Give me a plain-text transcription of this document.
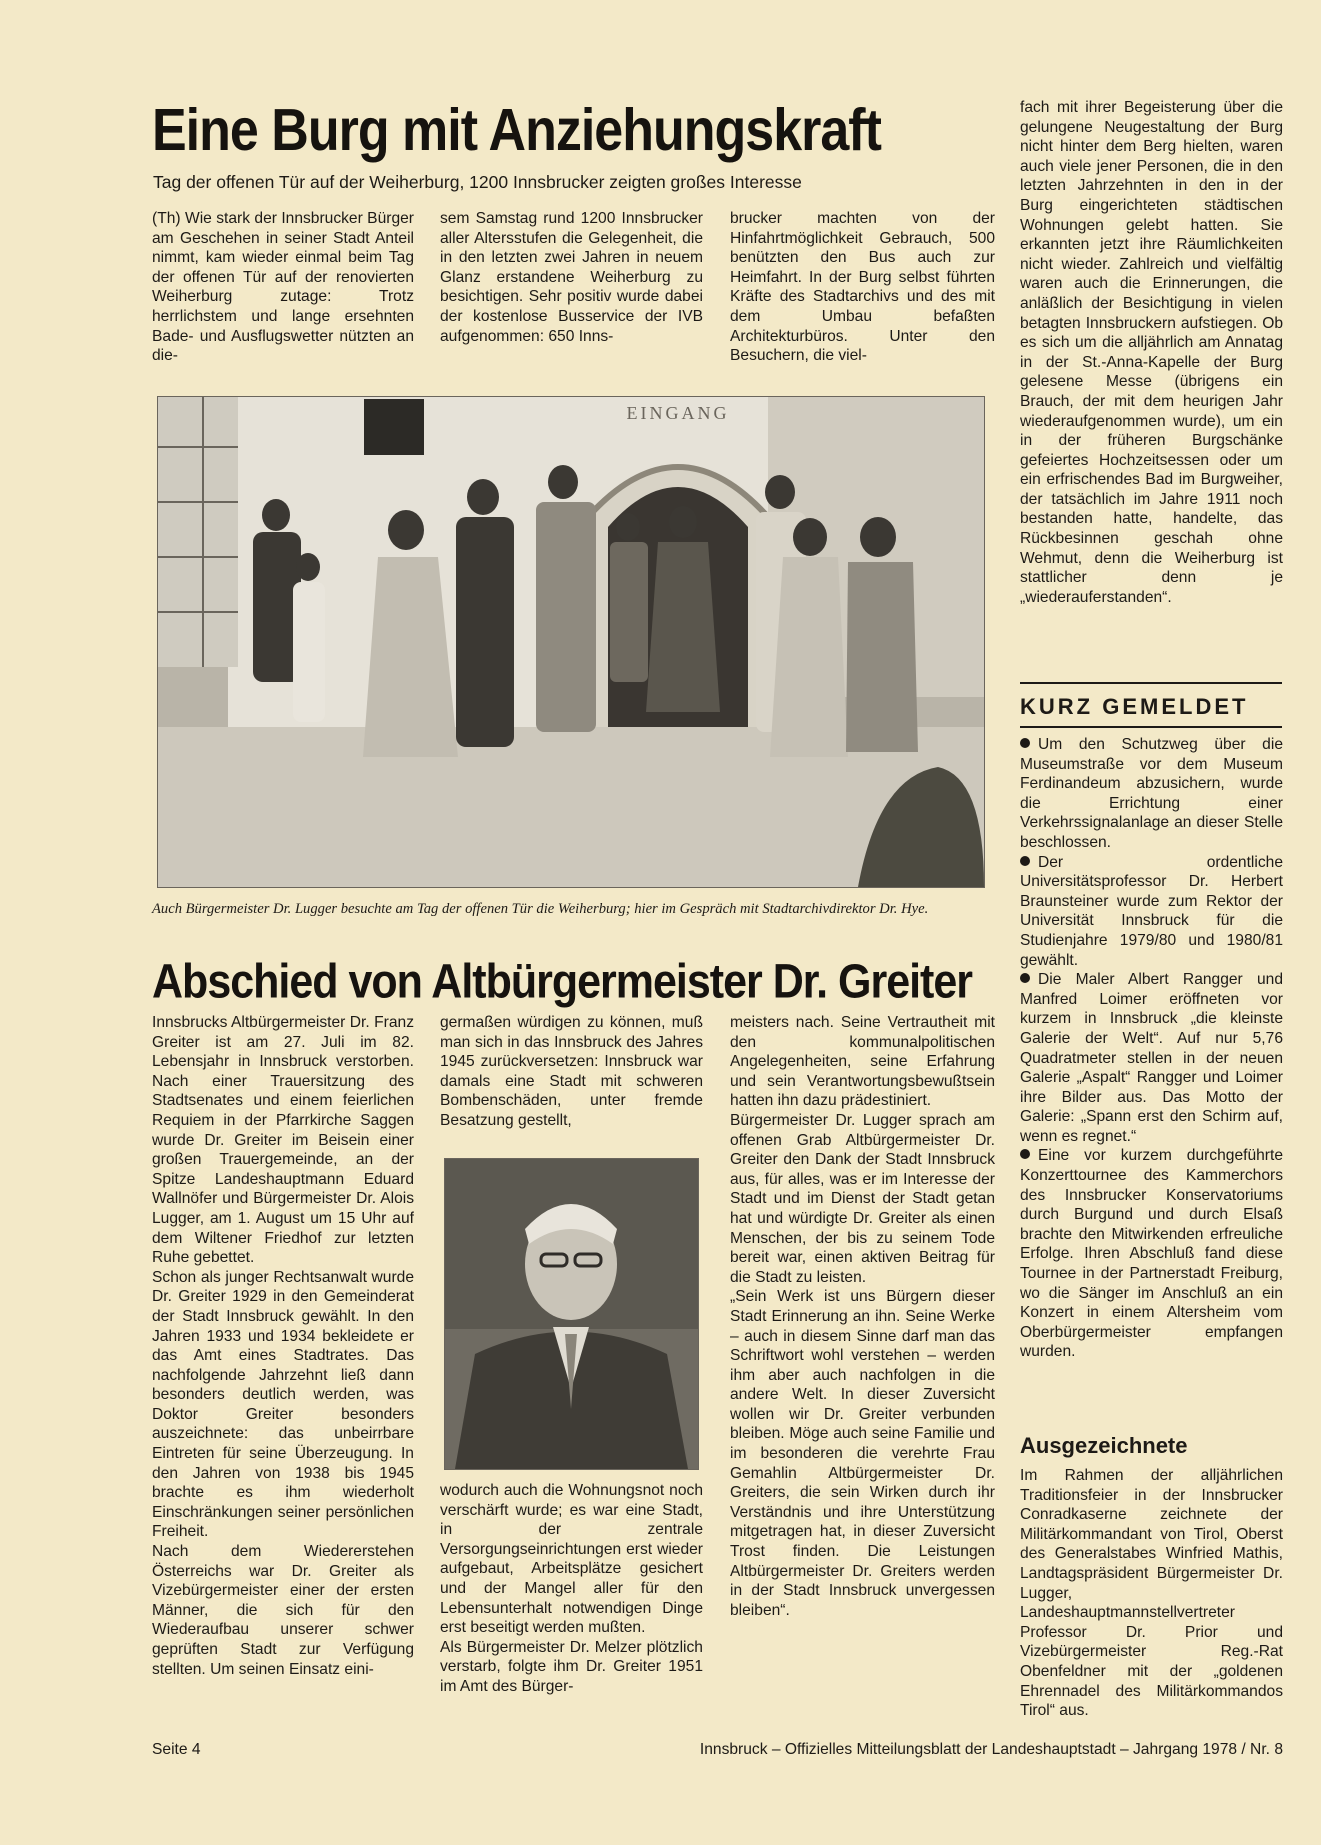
Eine Burg mit Anziehungskraft
Tag der offenen Tür auf der Weiherburg, 1200 Innsbrucker zeigten großes Interesse

(Th) Wie stark der Innsbrucker Bürger am Geschehen in seiner Stadt Anteil nimmt, kam wieder einmal beim Tag der offenen Tür auf der renovierten Weiherburg zutage: Trotz herrlichstem und lange ersehnten Bade- und Ausflugswetter nützten an die-

sem Samstag rund 1200 Innsbrucker aller Altersstufen die Gelegenheit, die in den letzten zwei Jahren in neuem Glanz erstandene Weiherburg zu besichtigen. Sehr positiv wurde dabei der kostenlose Busservice der IVB aufgenommen: 650 Inns-

brucker machten von der Hinfahrtmöglichkeit Gebrauch, 500 benützten den Bus auch zur Heimfahrt. In der Burg selbst führten Kräfte des Stadtarchivs und des mit dem Umbau befaßten Architekturbüros. Unter den Besuchern, die viel-

fach mit ihrer Begeisterung über die gelungene Neugestaltung der Burg nicht hinter dem Berg hielten, waren auch viele jener Personen, die in den letzten Jahrzehnten in den in der Burg eingerichteten städtischen Wohnungen gelebt hatten. Sie erkannten jetzt ihre Räumlichkeiten nicht wieder. Zahlreich und vielfältig waren auch die Erinnerungen, die anläßlich der Besichtigung in vielen betagten Innsbruckern aufstiegen. Ob es sich um die alljährlich am Annatag in der St.-Anna-Kapelle der Burg gelesene Messe (übrigens ein Brauch, der mit dem heurigen Jahr wiederaufgenommen wurde), um ein in der früheren Burgschänke gefeiertes Hochzeitsessen oder um ein erfrischendes Bad im Burgweiher, der tatsächlich im Jahre 1911 noch bestanden hatte, handelte, das Rückbesinnen geschah ohne Wehmut, denn die Weiherburg ist stattlicher denn je „wiederauferstanden“.

EINGANG
Auch Bürgermeister Dr. Lugger besuchte am Tag der offenen Tür die Weiherburg; hier im Gespräch mit Stadtarchivdirektor Dr. Hye.
Abschied von Altbürgermeister Dr. Greiter

Innsbrucks Altbürgermeister Dr. Franz Greiter ist am 27. Juli im 82. Lebensjahr in Innsbruck verstorben. Nach einer Trauersitzung des Stadtsenates und einem feierlichen Requiem in der Pfarrkirche Saggen wurde Dr. Greiter im Beisein einer großen Trauergemeinde, an der Spitze Landeshauptmann Eduard Wallnöfer und Bürgermeister Dr. Alois Lugger, am 1. August um 15 Uhr auf dem Wiltener Friedhof zur letzten Ruhe gebettet.

Schon als junger Rechtsanwalt wurde Dr. Greiter 1929 in den Gemeinderat der Stadt Innsbruck gewählt. In den Jahren 1933 und 1934 bekleidete er das Amt eines Stadtrates. Das nachfolgende Jahrzehnt ließ dann besonders deutlich werden, was Doktor Greiter besonders auszeichnete: das unbeirrbare Eintreten für seine Überzeugung. In den Jahren von 1938 bis 1945 brachte es ihm wiederholt Einschränkungen seiner persönlichen Freiheit.

Nach dem Wiedererstehen Österreichs war Dr. Greiter als Vizebürgermeister einer der ersten Männer, die sich für den Wiederaufbau unserer schwer geprüften Stadt zur Verfügung stellten. Um seinen Einsatz eini-

germaßen würdigen zu können, muß man sich in das Innsbruck des Jahres 1945 zurückversetzen: Innsbruck war damals eine Stadt mit schweren Bombenschäden, unter fremde Besatzung gestellt,

wodurch auch die Wohnungsnot noch verschärft wurde; es war eine Stadt, in der zentrale Versorgungseinrichtungen erst wieder aufgebaut, Arbeitsplätze gesichert und der Mangel aller für den Lebensunterhalt notwendigen Dinge erst beseitigt werden mußten.

Als Bürgermeister Dr. Melzer plötzlich verstarb, folgte ihm Dr. Greiter 1951 im Amt des Bürger-

meisters nach. Seine Vertrautheit mit den kommunalpolitischen Angelegenheiten, seine Erfahrung und sein Verantwortungsbewußtsein hatten ihn dazu prädestiniert.

Bürgermeister Dr. Lugger sprach am offenen Grab Altbürgermeister Dr. Greiter den Dank der Stadt Innsbruck aus, für alles, was er im Interesse der Stadt und im Dienst der Stadt getan hat und würdigte Dr. Greiter als einen Menschen, der bis zu seinem Tode bereit war, einen aktiven Beitrag für die Stadt zu leisten.

„Sein Werk ist uns Bürgern dieser Stadt Erinnerung an ihn. Seine Werke – auch in diesem Sinne darf man das Schriftwort wohl verstehen – werden ihm aber auch nachfolgen in die andere Welt. In dieser Zuversicht wollen wir Dr. Greiter verbunden bleiben. Möge auch seine Familie und im besonderen die verehrte Frau Gemahlin Altbürgermeister Dr. Greiters, die sein Wirken durch ihr Verständnis und ihre Unterstützung mitgetragen hat, in dieser Zuversicht Trost finden. Die Leistungen Altbürgermeister Dr. Greiters werden in der Stadt Innsbruck unvergessen bleiben“.

KURZ GEMELDET

Um den Schutzweg über die Museumstraße vor dem Museum Ferdinandeum abzusichern, wurde die Errichtung einer Verkehrssignalanlage an dieser Stelle beschlossen.

Der ordentliche Universitätsprofessor Dr. Herbert Braunsteiner wurde zum Rektor der Universität Innsbruck für die Studienjahre 1979/80 und 1980/81 gewählt.

Die Maler Albert Rangger und Manfred Loimer eröffneten vor kurzem in Innsbruck „die kleinste Galerie der Welt“. Auf nur 5,76 Quadratmeter stellen in der neuen Galerie „Aspalt“ Rangger und Loimer ihre Bilder aus. Das Motto der Galerie: „Spann erst den Schirm auf, wenn es regnet.“

Eine vor kurzem durchgeführte Konzerttournee des Kammerchors des Innsbrucker Konservatoriums durch Burgund und durch Elsaß brachte den Mitwirkenden erfreuliche Erfolge. Ihren Abschluß fand diese Tournee in der Partnerstadt Freiburg, wo die Sänger im Anschluß an ein Konzert in einem Altersheim vom Oberbürgermeister empfangen wurden.

Ausgezeichnete

Im Rahmen der alljährlichen Traditionsfeier in der Innsbrucker Conradkaserne zeichnete der Militärkommandant von Tirol, Oberst des Generalstabes Winfried Mathis, Landtagspräsident Bürgermeister Dr. Lugger, Landeshauptmannstellvertreter Professor Dr. Prior und Vizebürgermeister Reg.-Rat Obenfeldner mit der „goldenen Ehrennadel des Militärkommandos Tirol“ aus.

Seite 4	Innsbruck – Offizielles Mitteilungsblatt der Landeshauptstadt – Jahrgang 1978 / Nr. 8
